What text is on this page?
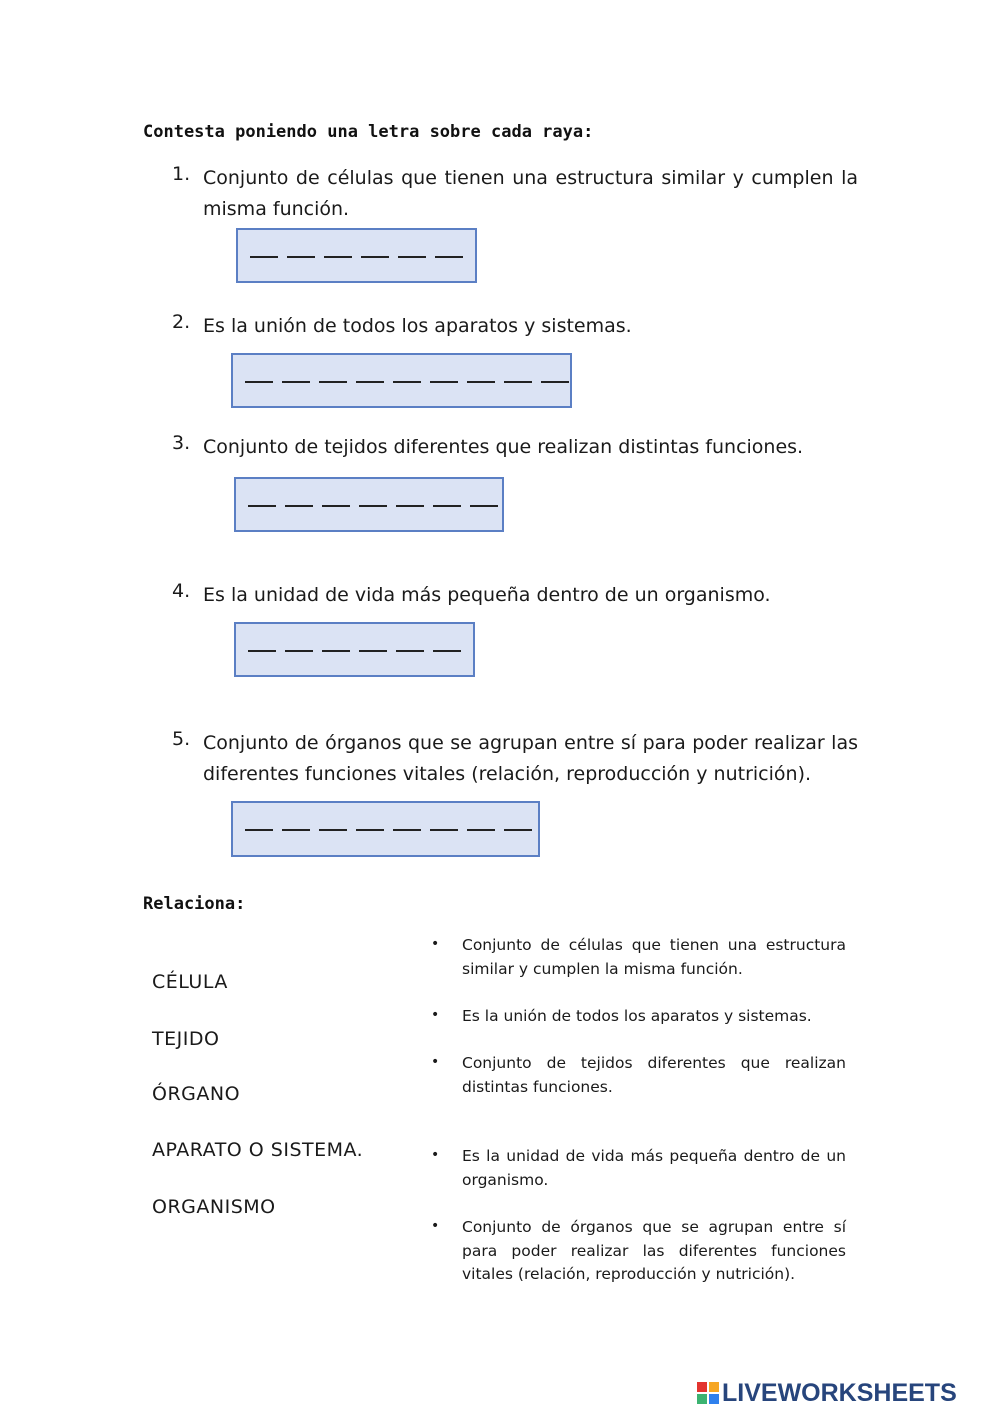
Contesta poniendo una letra sobre cada raya:
1. Conjunto de células que tienen una estructura similar y cumplen la misma función.
2. Es la unión de todos los aparatos y sistemas.
3. Conjunto de tejidos diferentes que realizan distintas funciones.
4. Es la unidad de vida más pequeña dentro de un organismo.
5. Conjunto de órganos que se agrupan entre sí para poder realizar las diferentes funciones vitales (relación, reproducción y nutrición).
Relaciona:
CÉLULA
TEJIDO
ÓRGANO
APARATO O SISTEMA.
ORGANISMO
• Conjunto de células que tienen una estructura similar y cumplen la misma función.
• Es la unión de todos los aparatos y sistemas.
• Conjunto de tejidos diferentes que realizan distintas funciones.
• Es la unidad de vida más pequeña dentro de un organismo.
• Conjunto de órganos que se agrupan entre sí para poder realizar las diferentes funciones vitales (relación, reproducción y nutrición).
LIVEWORKSHEETS
